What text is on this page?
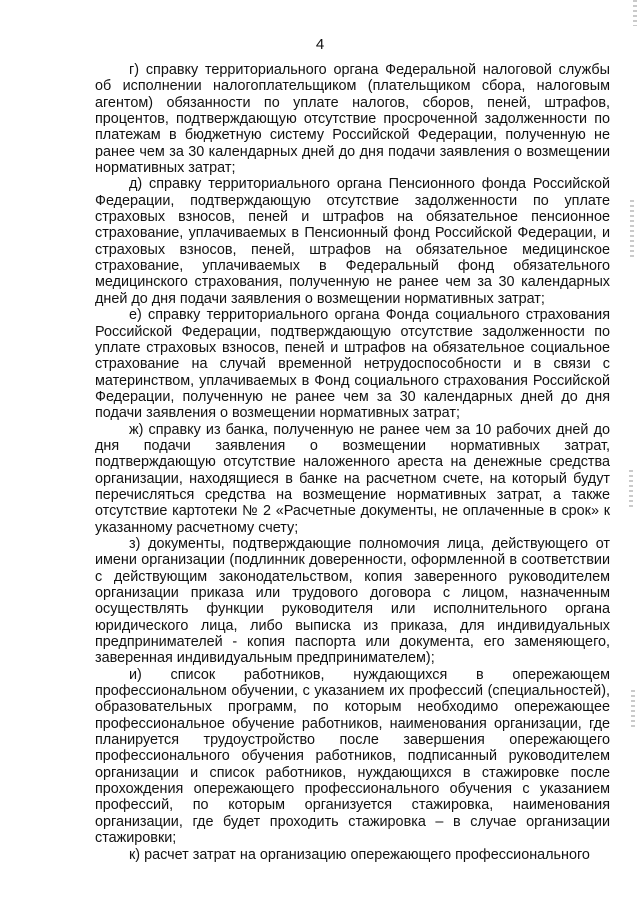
4

г) справку территориального органа Федеральной налоговой службы об исполнении налогоплательщиком (плательщиком сбора, налоговым агентом) обязанности по уплате налогов, сборов, пеней, штрафов, процентов, подтверждающую отсутствие просроченной задолженности по платежам в бюджетную систему Российской Федерации, полученную не ранее чем за 30 календарных дней до дня подачи заявления о возмещении нормативных затрат;

д) справку территориального органа Пенсионного фонда Российской Федерации, подтверждающую отсутствие задолженности по уплате страховых взносов, пеней и штрафов на обязательное пенсионное страхование, уплачиваемых в Пенсионный фонд Российской Федерации, и страховых взносов, пеней, штрафов на обязательное медицинское страхование, уплачиваемых в Федеральный фонд обязательного медицинского страхования, полученную не ранее чем за 30 календарных дней до дня подачи заявления о возмещении нормативных затрат;

е) справку территориального органа Фонда социального страхования Российской Федерации, подтверждающую отсутствие задолженности по уплате страховых взносов, пеней и штрафов на обязательное социальное страхование на случай временной нетрудоспособности и в связи с материнством, уплачиваемых в Фонд социального страхования Российской Федерации, полученную не ранее чем за 30 календарных дней до дня подачи заявления о возмещении нормативных затрат;

ж) справку из банка, полученную не ранее чем за 10 рабочих дней до дня подачи заявления о возмещении нормативных затрат, подтверждающую отсутствие наложенного ареста на денежные средства организации, находящиеся в банке на расчетном счете, на который будут перечисляться средства на возмещение нормативных затрат, а также отсутствие картотеки № 2 «Расчетные документы, не оплаченные в срок» к указанному расчетному счету;

з) документы, подтверждающие полномочия лица, действующего от имени организации (подлинник доверенности, оформленной в соответствии с действующим законодательством, копия заверенного руководителем организации приказа или трудового договора с лицом, назначенным осуществлять функции руководителя или исполнительного органа юридического лица, либо выписка из приказа, для индивидуальных предпринимателей - копия паспорта или документа, его заменяющего, заверенная индивидуальным предпринимателем);

и) список работников, нуждающихся в опережающем профессиональном обучении, с указанием их профессий (специальностей), образовательных программ, по которым необходимо опережающее профессиональное обучение работников, наименования организации, где планируется трудоустройство после завершения опережающего профессионального обучения работников, подписанный руководителем организации и список работников, нуждающихся в стажировке после прохождения опережающего профессионального обучения с указанием профессий, по которым организуется стажировка, наименования организации, где будет проходить стажировка – в случае организации стажировки;

к) расчет затрат на организацию опережающего профессионального
